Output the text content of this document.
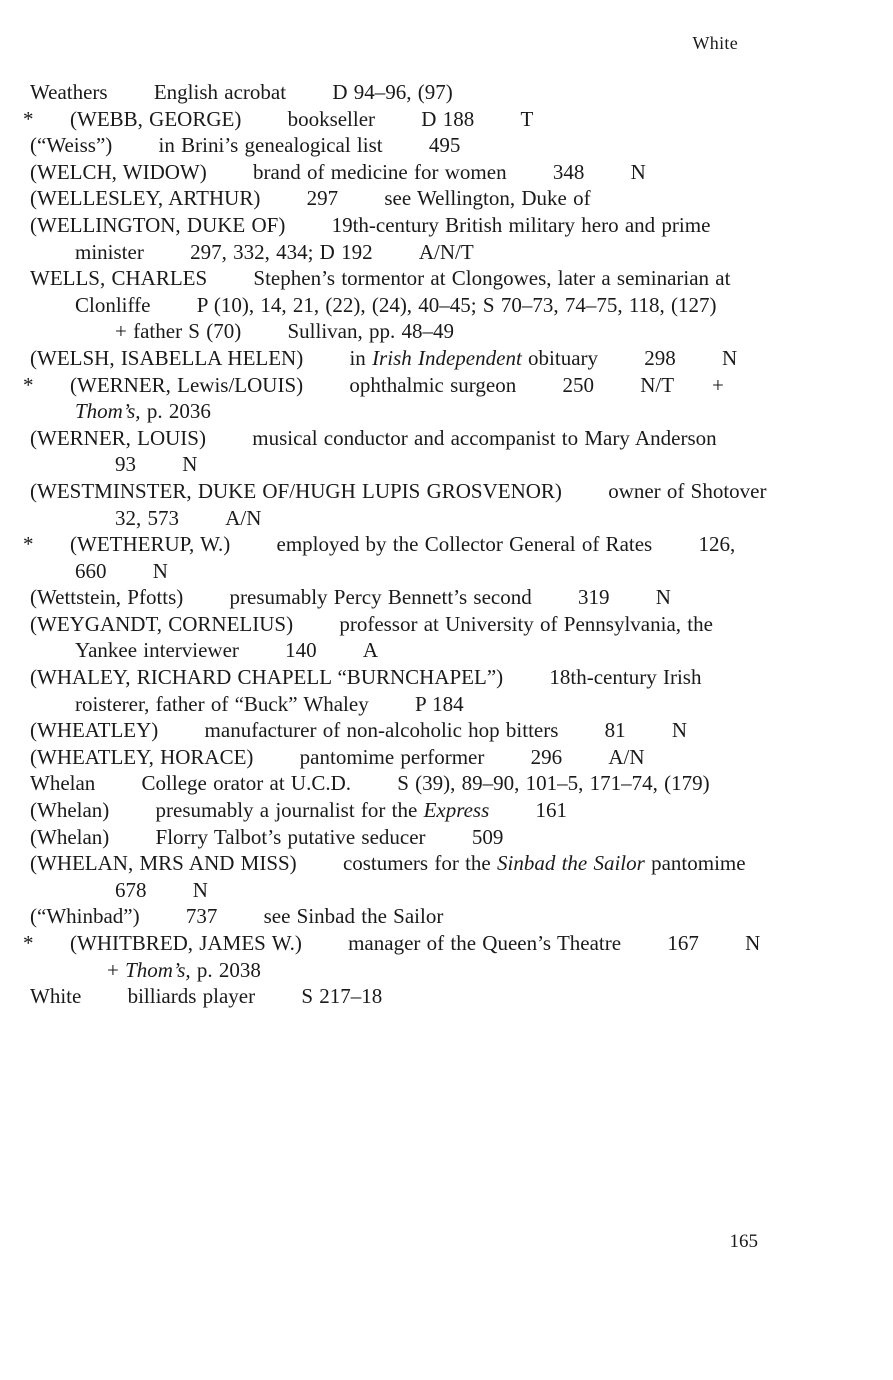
White
Weathers English acrobat D 94–96, (97)
* (WEBB, GEORGE) bookseller D 188 T
(“Weiss”) in Brini’s genealogical list 495
(WELCH, WIDOW) brand of medicine for women 348 N
(WELLESLEY, ARTHUR) 297 see Wellington, Duke of
(WELLINGTON, DUKE OF) 19th-century British military hero and prime minister 297, 332, 434; D 192 A/N/T
WELLS, CHARLES Stephen’s tormentor at Clongowes, later a seminarian at Clonliffe P (10), 14, 21, (22), (24), 40–45; S 70–73, 74–75, 118, (127) + father S (70) Sullivan, pp. 48–49
(WELSH, ISABELLA HELEN) in Irish Independent obituary 298 N
* (WERNER, Lewis/LOUIS) ophthalmic surgeon 250 N/T + Thom’s, p. 2036
(WERNER, LOUIS) musical conductor and accompanist to Mary Anderson 93 N
(WESTMINSTER, DUKE OF/HUGH LUPIS GROSVENOR) owner of Shotover 32, 573 A/N
* (WETHERUP, W.) employed by the Collector General of Rates 126, 660 N
(Wettstein, Pfotts) presumably Percy Bennett’s second 319 N
(WEYGANDT, CORNELIUS) professor at University of Pennsylvania, the Yankee interviewer 140 A
(WHALEY, RICHARD CHAPELL “BURNCHAPEL”) 18th-century Irish roisterer, father of “Buck” Whaley P 184
(WHEATLEY) manufacturer of non-alcoholic hop bitters 81 N
(WHEATLEY, HORACE) pantomime performer 296 A/N
Whelan College orator at U.C.D. S (39), 89–90, 101–5, 171–74, (179)
(Whelan) presumably a journalist for the Express 161
(Whelan) Florry Talbot’s putative seducer 509
(WHELAN, MRS AND MISS) costumers for the Sinbad the Sailor pantomime 678 N
(“Whinbad”) 737 see Sinbad the Sailor
* (WHITBRED, JAMES W.) manager of the Queen’s Theatre 167 N + Thom’s, p. 2038
White billiards player S 217–18
165
